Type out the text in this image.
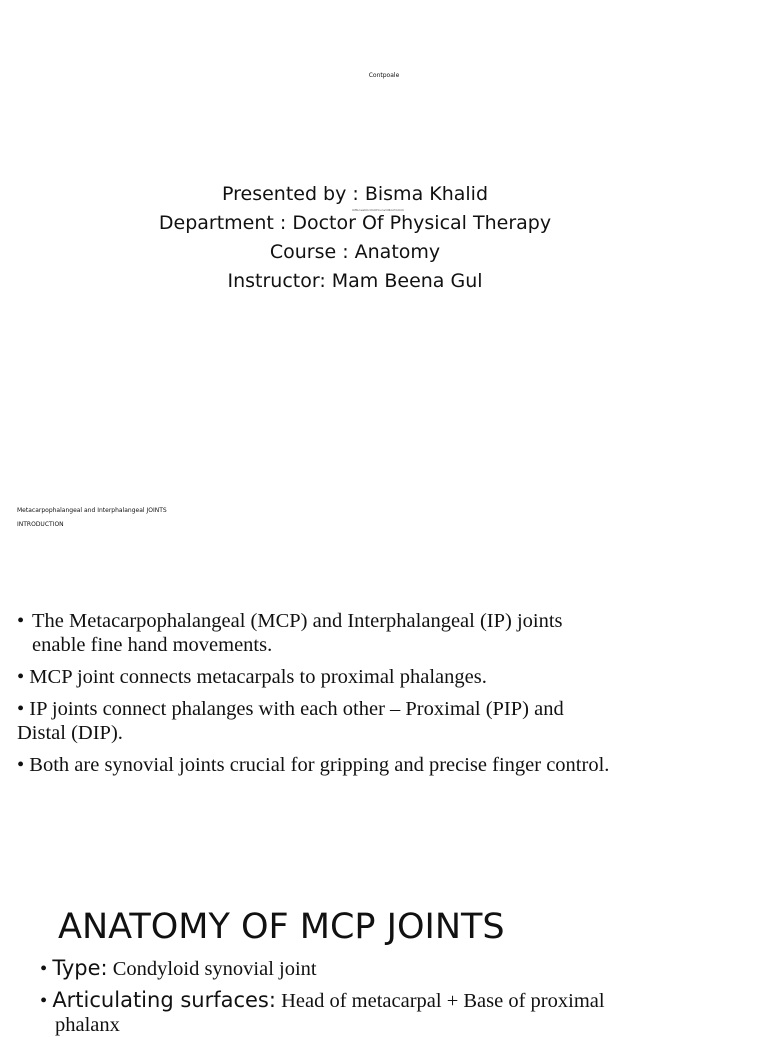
Contpoale
Presented by : Bisma Khalid
Department : Doctor Of Physical Therapy
Course : Anatomy
Instructor: Mam Beena Gul
mfbcsalmcmmfcunvldbnrtnmm
Metacarpophalangeal and Interphalangeal JOINTS
INTRODUCTION
• The Metacarpophalangeal (MCP) and Interphalangeal (IP) joints
enable fine hand movements.
• MCP joint connects metacarpals to proximal phalanges.
• IP joints connect phalanges with each other – Proximal (PIP) and
Distal (DIP).
• Both are synovial joints crucial for gripping and precise finger control.
ANATOMY OF MCP JOINTS
• Type: Condyloid synovial joint
• Articulating surfaces: Head of metacarpal + Base of proximal
phalanx
